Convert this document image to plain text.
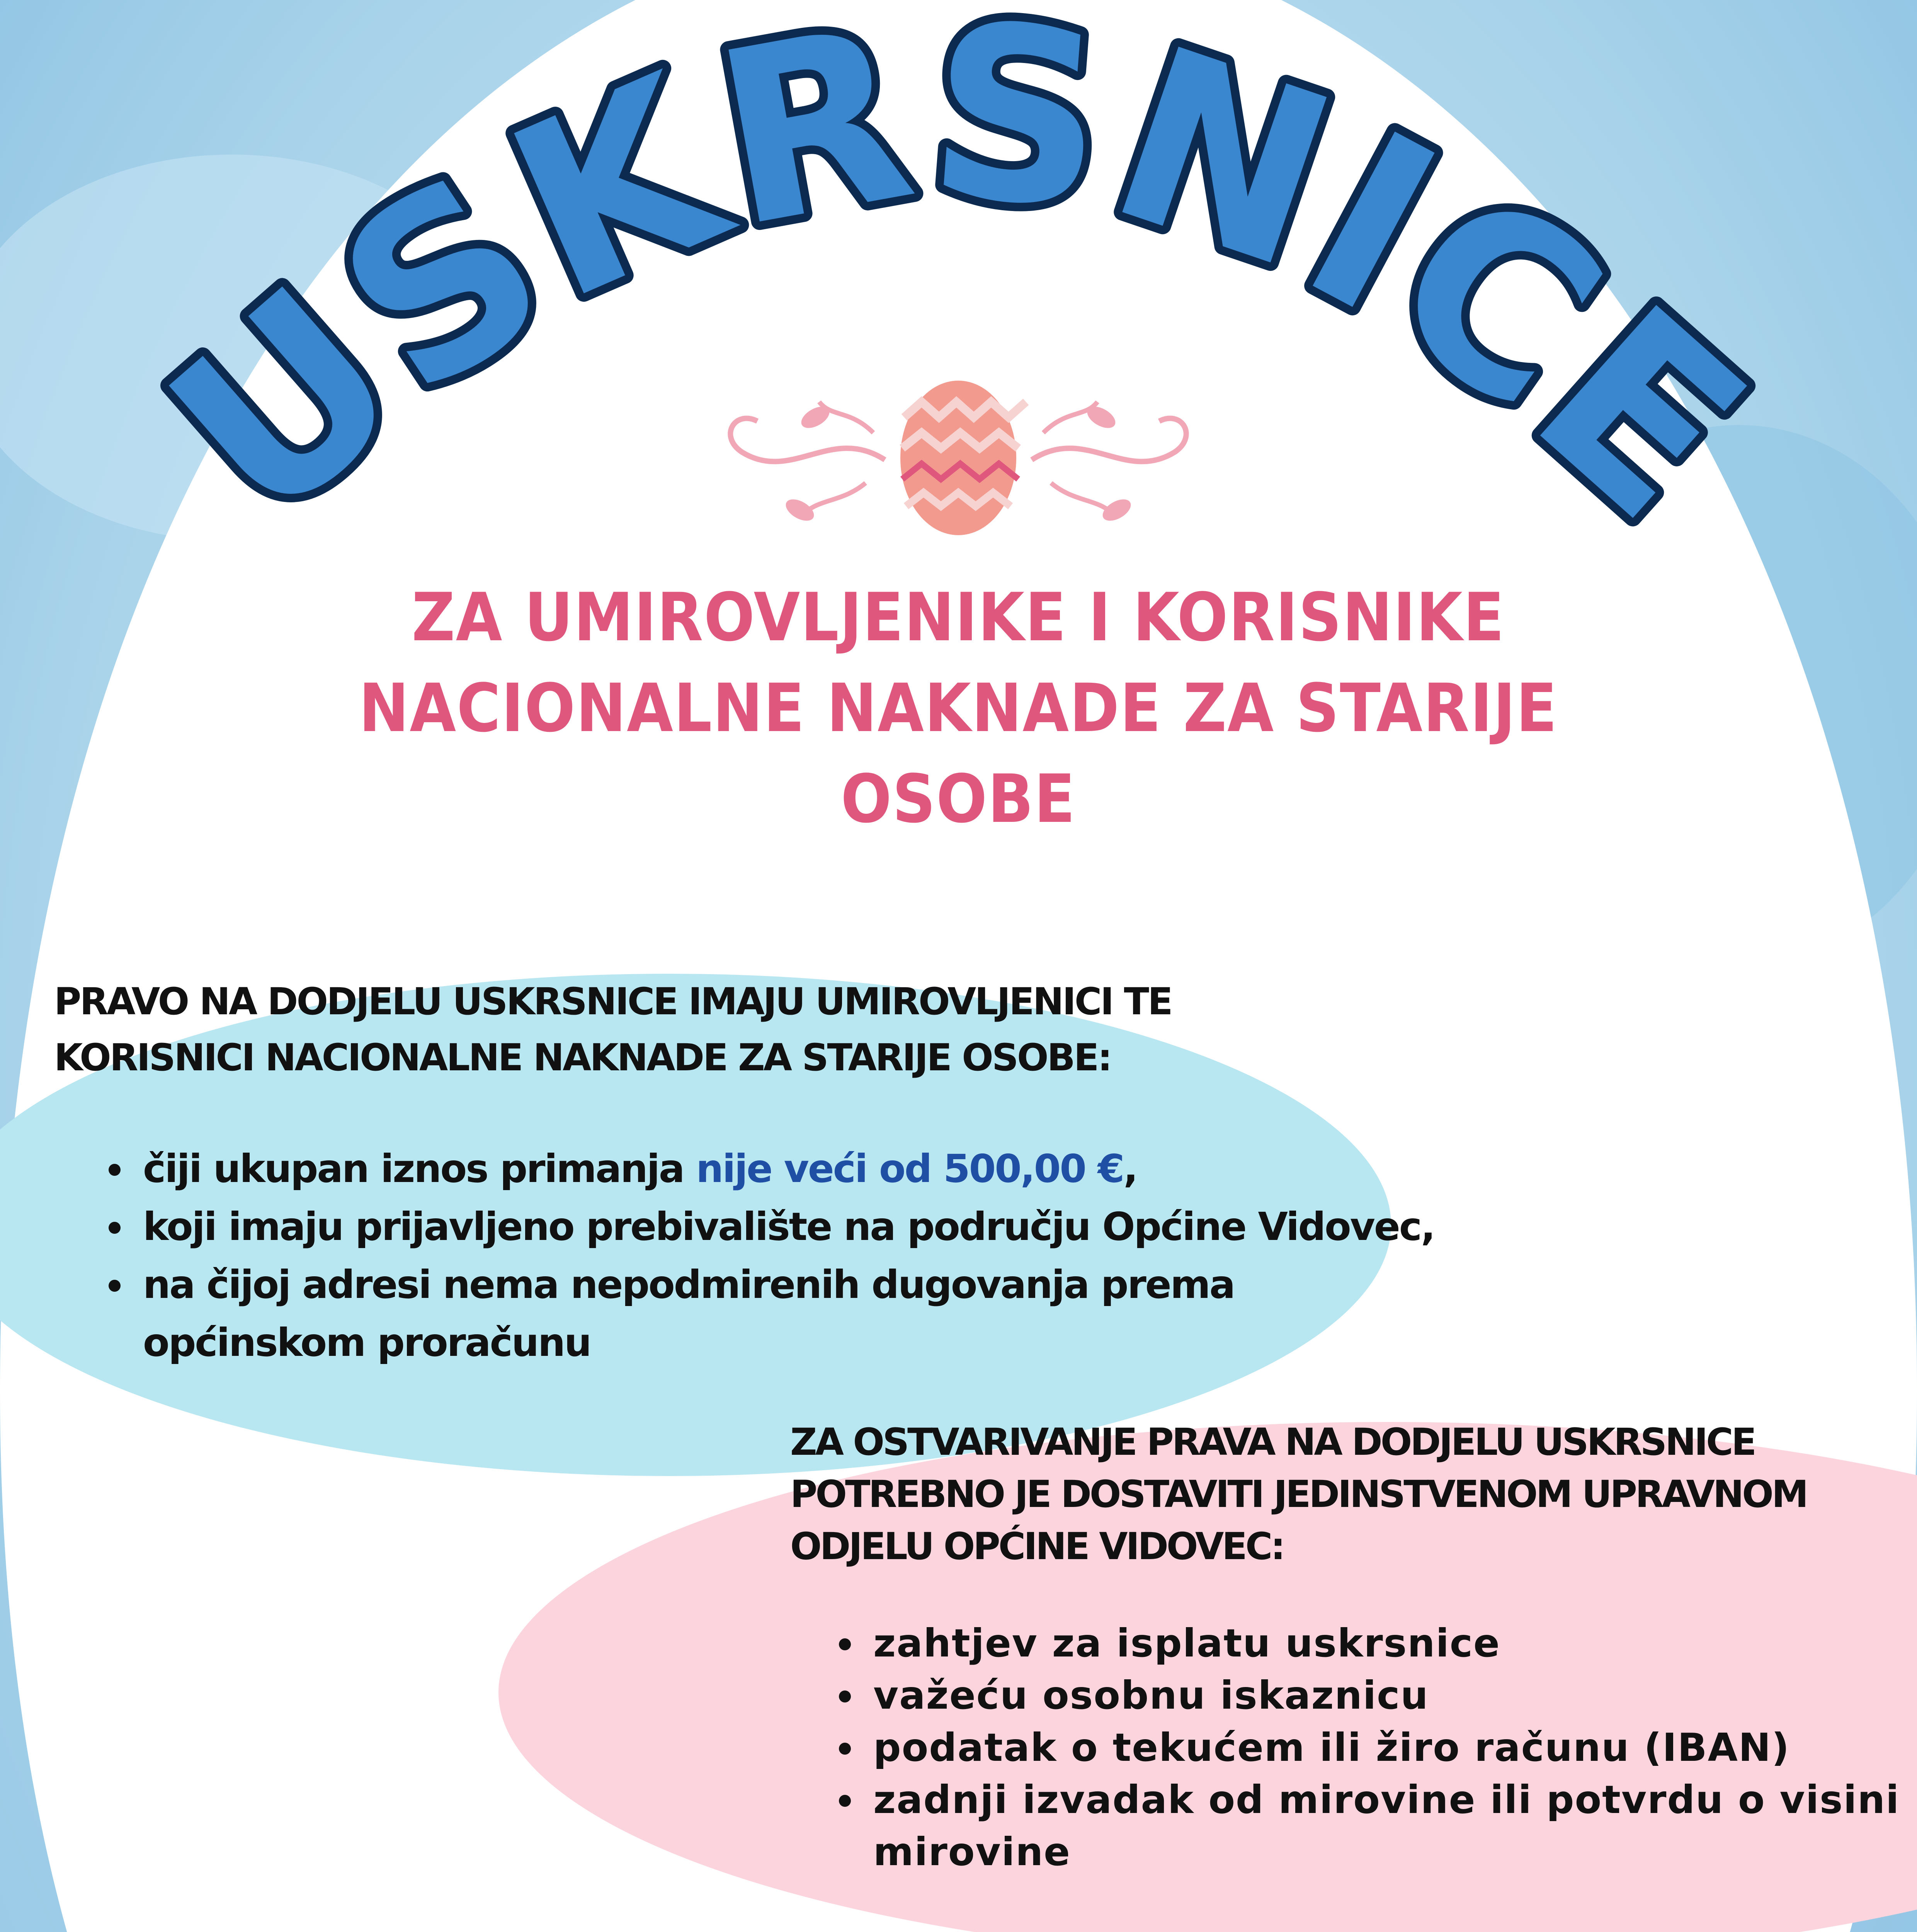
USKRSNICE
ZA UMIROVLJENIKE I KORISNIKE
NACIONALNE NAKNADE ZA STARIJE
OSOBE
PRAVO NA DODJELU USKRSNICE IMAJU UMIROVLJENICI TE
KORISNICI NACIONALNE NAKNADE ZA STARIJE OSOBE:
• čiji ukupan iznos primanja nije veći od 500,00 €,
• koji imaju prijavljeno prebivalište na području Općine Vidovec,
• na čijoj adresi nema nepodmirenih dugovanja prema
općinskom proračunu
ZA OSTVARIVANJE PRAVA NA DODJELU USKRSNICE
POTREBNO JE DOSTAVITI JEDINSTVENOM UPRAVNOM
ODJELU OPĆINE VIDOVEC:
• zahtjev za isplatu uskrsnice
• važeću osobnu iskaznicu
• podatak o tekućem ili žiro računu (IBAN)
• zadnji izvadak od mirovine ili potvrdu o visini mirovine
